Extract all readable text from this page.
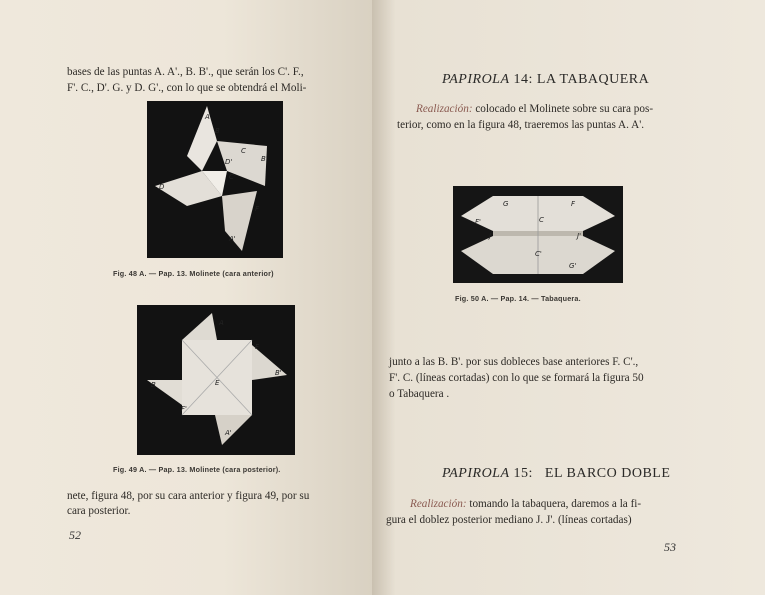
bases de las puntas A. A'., B. B'., que serán los C'. F.,
F'. C., D'. G. y D. G'., con lo que se obtendrá el Moli-
A
B
D
D'
C
C'
B'
F
A'
Fig. 48 A. — Pap. 13. Molinete (cara anterior)
A
B	E
F'
F
B'
A'
Fig. 49 A. — Pap. 13. Molinete (cara posterior).
nete, figura 48, por su cara anterior y figura 49, por su
cara posterior.
52
PAPIROLA 14: LA TABAQUERA
Realización: colocado el Molinete sobre su cara pos-
terior, como en la figura 48, traeremos las puntas A. A'.
G	F
C
F'
J	J'
C'
G'
Fig. 50 A. — Pap. 14. — Tabaquera.
junto a las B. B'. por sus dobleces base anteriores F. C'.,
F'. C. (líneas cortadas) con lo que se formará la figura 50
o Tabaquera .
PAPIROLA 15:   EL BARCO DOBLE
Realización: tomando la tabaquera, daremos a la fi-
gura el doblez posterior mediano J. J'. (líneas cortadas)
53
